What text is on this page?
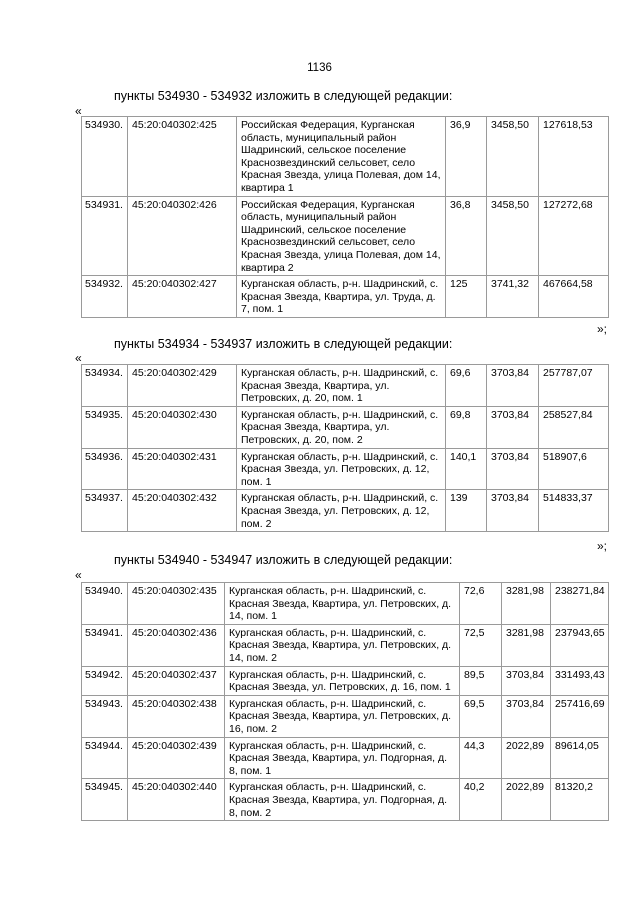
1136
пункты 534930 - 534932 изложить в следующей редакции:
«
534930.	45:20:040302:425	Российская Федерация, Курганская область, муниципальный район Шадринский, сельское поселение Краснозвездинский сельсовет, село Красная Звезда, улица Полевая, дом 14, квартира 1	36,9	3458,50	127618,53
534931.	45:20:040302:426	Российская Федерация, Курганская область, муниципальный район Шадринский, сельское поселение Краснозвездинский сельсовет, село Красная Звезда, улица Полевая, дом 14, квартира 2	36,8	3458,50	127272,68
534932.	45:20:040302:427	Курганская область, р-н. Шадринский, с. Красная Звезда, Квартира, ул. Труда, д. 7, пом. 1	125	3741,32	467664,58
»;
пункты 534934 - 534937 изложить в следующей редакции:
«
534934.	45:20:040302:429	Курганская область, р-н. Шадринский, с. Красная Звезда, Квартира, ул. Петровских, д. 20, пом. 1	69,6	3703,84	257787,07
534935.	45:20:040302:430	Курганская область, р-н. Шадринский, с. Красная Звезда, Квартира, ул. Петровских, д. 20, пом. 2	69,8	3703,84	258527,84
534936.	45:20:040302:431	Курганская область, р-н. Шадринский, с. Красная Звезда, ул. Петровских, д. 12, пом. 1	140,1	3703,84	518907,6
534937.	45:20:040302:432	Курганская область, р-н. Шадринский, с. Красная Звезда, ул. Петровских, д. 12, пом. 2	139	3703,84	514833,37
»;
пункты 534940 - 534947 изложить в следующей редакции:
«
534940.	45:20:040302:435	Курганская область, р-н. Шадринский, с. Красная Звезда, Квартира, ул. Петровских, д. 14, пом. 1	72,6	3281,98	238271,84
534941.	45:20:040302:436	Курганская область, р-н. Шадринский, с. Красная Звезда, Квартира, ул. Петровских, д. 14, пом. 2	72,5	3281,98	237943,65
534942.	45:20:040302:437	Курганская область, р-н. Шадринский, с. Красная Звезда, ул. Петровских, д. 16, пом. 1	89,5	3703,84	331493,43
534943.	45:20:040302:438	Курганская область, р-н. Шадринский, с. Красная Звезда, Квартира, ул. Петровских, д. 16, пом. 2	69,5	3703,84	257416,69
534944.	45:20:040302:439	Курганская область, р-н. Шадринский, с. Красная Звезда, Квартира, ул. Подгорная, д. 8, пом. 1	44,3	2022,89	89614,05
534945.	45:20:040302:440	Курганская область, р-н. Шадринский, с. Красная Звезда, Квартира, ул. Подгорная, д. 8, пом. 2	40,2	2022,89	81320,2
